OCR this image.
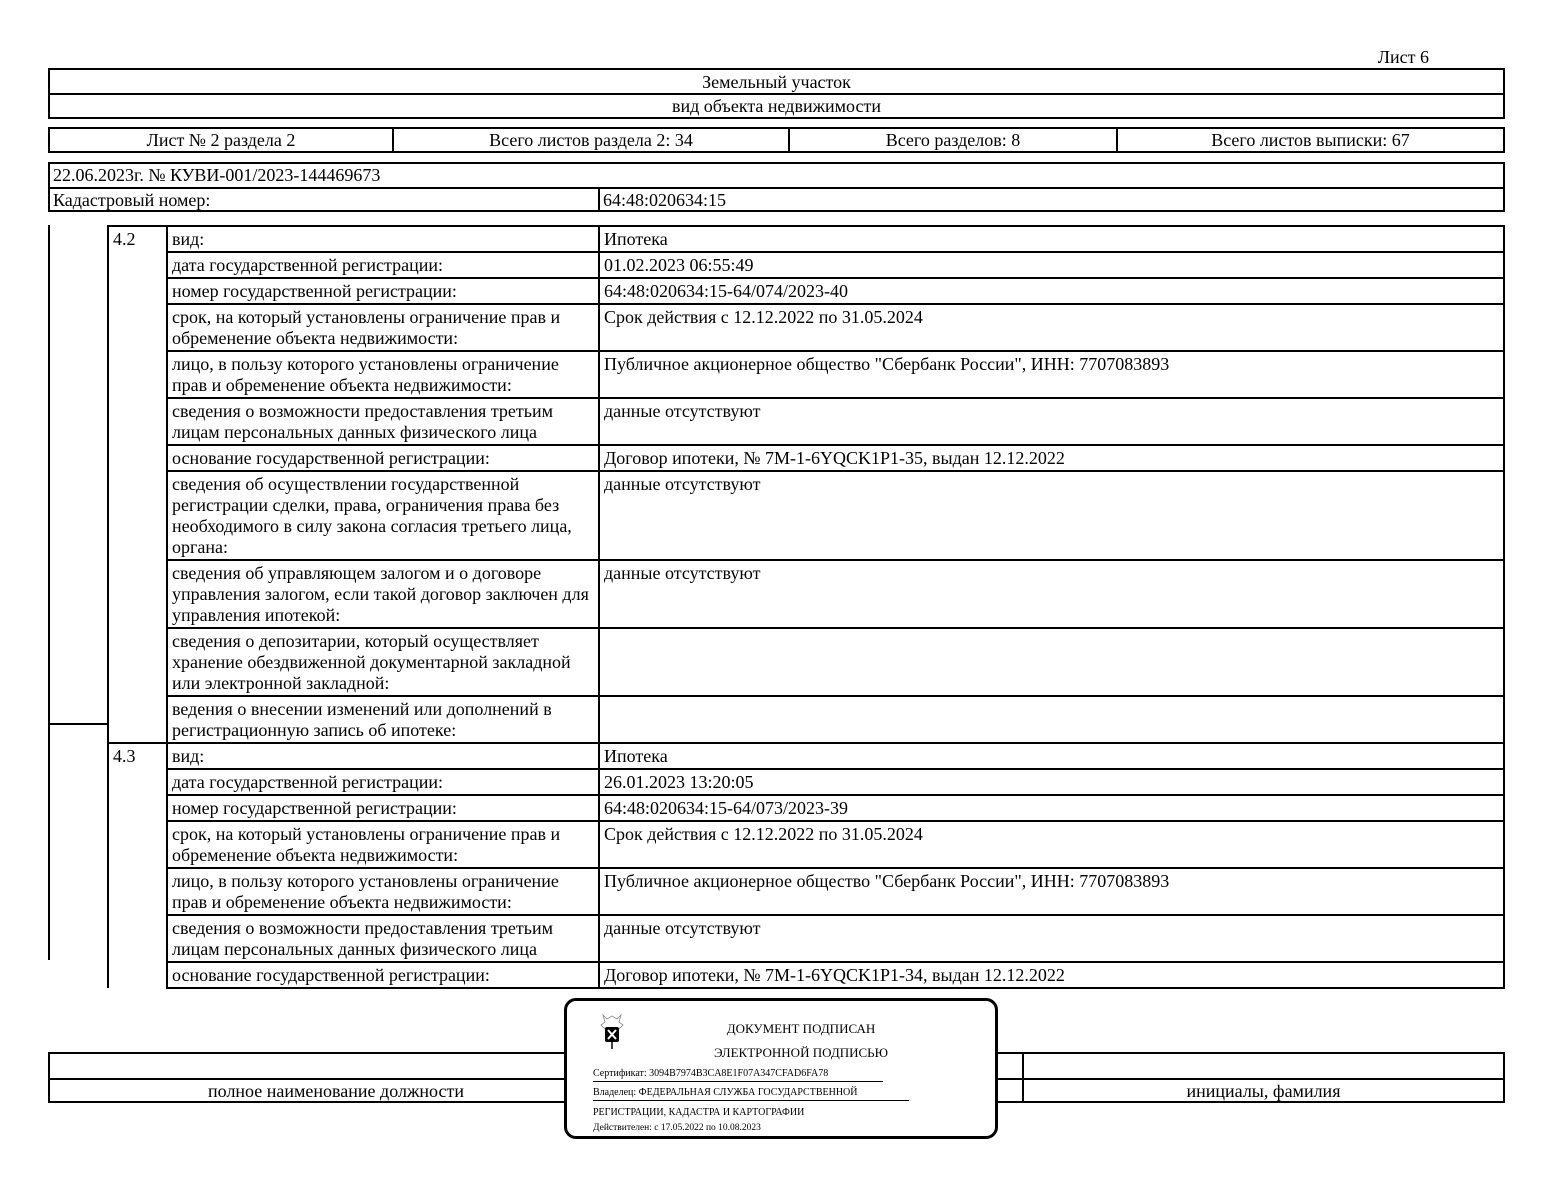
Лист 6
Земельный участок
вид объекта недвижимости
Лист № 2 раздела 2	Всего листов раздела 2: 34	Всего разделов: 8	Всего листов выписки: 67
22.06.2023г. № КУВИ-001/2023-144469673
Кадастровый номер:	64:48:020634:15
4.2	вид:	Ипотека
	дата государственной регистрации:	01.02.2023 06:55:49
	номер государственной регистрации:	64:48:020634:15-64/074/2023-40
	срок, на который установлены ограничение прав и обременение объекта недвижимости:	Срок действия с 12.12.2022 по 31.05.2024
	лицо, в пользу которого установлены ограничение прав и обременение объекта недвижимости:	Публичное акционерное общество "Сбербанк России", ИНН: 7707083893
	сведения о возможности предоставления третьим лицам персональных данных физического лица	данные отсутствуют
	основание государственной регистрации:	Договор ипотеки, № 7М-1-6YQCK1P1-35, выдан 12.12.2022
	сведения об осуществлении государственной регистрации сделки, права, ограничения права без необходимого в силу закона согласия третьего лица, органа:	данные отсутствуют
	сведения об управляющем залогом и о договоре управления залогом, если такой договор заключен для управления ипотекой:	данные отсутствуют
	сведения о депозитарии, который осуществляет хранение обездвиженной документарной закладной или электронной закладной:	
	ведения о внесении изменений или дополнений в регистрационную запись об ипотеке:	
4.3	вид:	Ипотека
	дата государственной регистрации:	26.01.2023 13:20:05
	номер государственной регистрации:	64:48:020634:15-64/073/2023-39
	срок, на который установлены ограничение прав и обременение объекта недвижимости:	Срок действия с 12.12.2022 по 31.05.2024
	лицо, в пользу которого установлены ограничение прав и обременение объекта недвижимости:	Публичное акционерное общество "Сбербанк России", ИНН: 7707083893
	сведения о возможности предоставления третьим лицам персональных данных физического лица	данные отсутствуют
	основание государственной регистрации:	Договор ипотеки, № 7М-1-6YQCK1P1-34, выдан 12.12.2022
полное наименование должности	инициалы, фамилия
ДОКУМЕНТ ПОДПИСАН
ЭЛЕКТРОННОЙ ПОДПИСЬЮ
Сертификат: 3094B7974B3CA8E1F07A347CFAD6FA78
Владелец: ФЕДЕРАЛЬНАЯ СЛУЖБА ГОСУДАРСТВЕННОЙ
РЕГИСТРАЦИИ, КАДАСТРА И КАРТОГРАФИИ
Действителен: с 17.05.2022 по 10.08.2023
